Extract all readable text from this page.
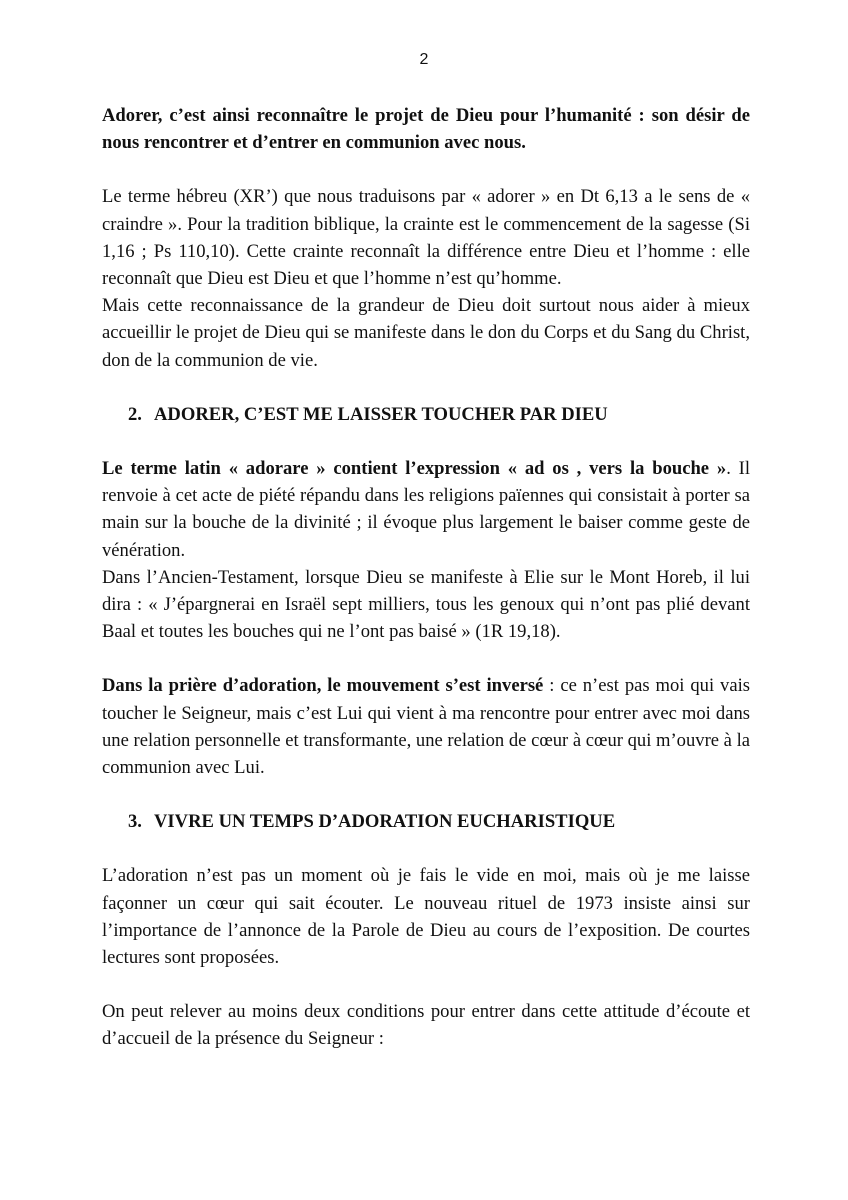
2

Adorer, c’est ainsi reconnaître le projet de Dieu pour l’humanité : son désir de nous rencontrer et d’entrer en communion avec nous.

Le terme hébreu (XR’) que nous traduisons par « adorer » en Dt 6,13 a le sens de « craindre ». Pour la tradition biblique, la crainte est le commencement de la sagesse (Si 1,16 ; Ps 110,10). Cette crainte reconnaît la différence entre Dieu et l’homme : elle reconnaît que Dieu est Dieu et que l’homme n’est qu’homme.

Mais cette reconnaissance de la grandeur de Dieu doit surtout nous aider à mieux accueillir le projet de Dieu qui se manifeste dans le don du Corps et du Sang du Christ, don de la communion de vie.

2. ADORER, C’EST ME LAISSER TOUCHER PAR DIEU

Le terme latin « adorare » contient l’expression « ad os , vers la bouche ». Il renvoie à cet acte de piété répandu dans les religions païennes qui consistait à porter sa main sur la bouche de la divinité ; il évoque plus largement le baiser comme geste de vénération.

Dans l’Ancien-Testament, lorsque Dieu se manifeste à Elie sur le Mont Horeb, il lui dira : « J’épargnerai en Israël sept milliers, tous les genoux qui n’ont pas plié devant Baal et toutes les bouches qui ne l’ont pas baisé » (1R 19,18).

Dans la prière d’adoration, le mouvement s’est inversé : ce n’est pas moi qui vais toucher le Seigneur, mais c’est Lui qui vient à ma rencontre pour entrer avec moi dans une relation personnelle et transformante, une relation de cœur à cœur qui m’ouvre à la communion avec Lui.

3. VIVRE UN TEMPS D’ADORATION EUCHARISTIQUE

L’adoration n’est pas un moment où je fais le vide en moi, mais où je me laisse façonner un cœur qui sait écouter. Le nouveau rituel de 1973 insiste ainsi sur l’importance de l’annonce de la Parole de Dieu au cours de l’exposition. De courtes lectures sont proposées.

On peut relever au moins deux conditions pour entrer dans cette attitude d’écoute et d’accueil de la présence du Seigneur :
